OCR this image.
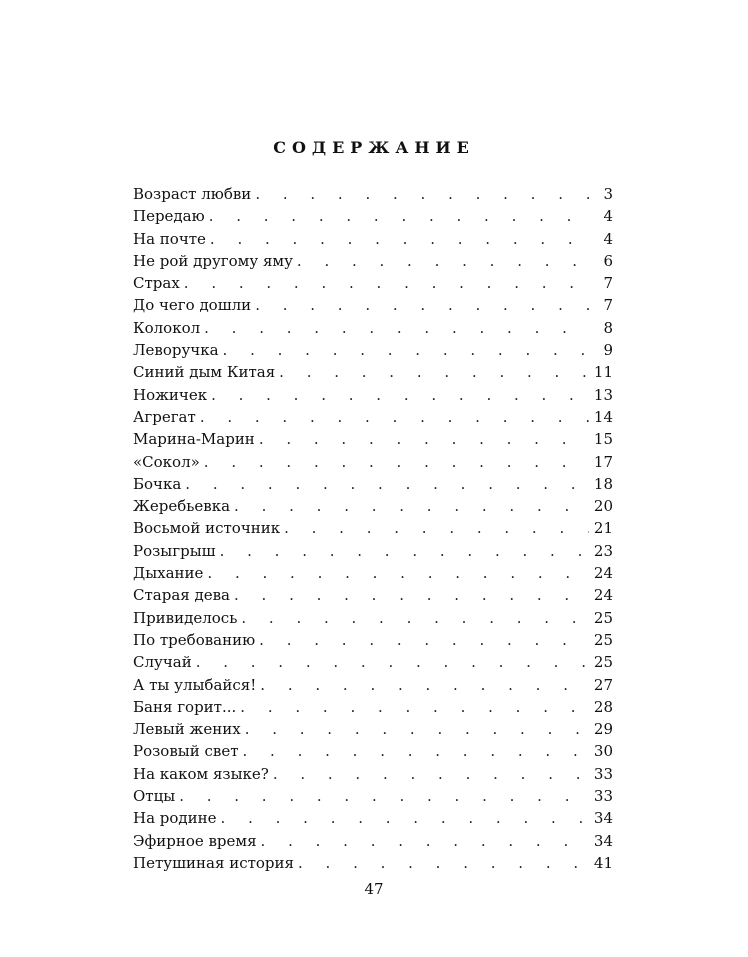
СОДЕРЖАНИЕ
Возраст любви . . .	3
Передаю . . .	4
На почте . . .	4
Не рой другому яму . . .	6
Страх . . .	7
До чего дошли . . .	7
Колокол . . .	8
Леворучка . . .	9
Синий дым Китая . . .	11
Ножичек . . .	13
Агрегат . . .	14
Марина-Марин . . .	15
«Сокол» . . .	17
Бочка . . .	18
Жеребьевка . . .	20
Восьмой источник . . .	21
Розыгрыш . . .	23
Дыхание . . .	24
Старая дева . . .	24
Привиделось . . .	25
По требованию . . .	25
Случай . . .	25
А ты улыбайся! . . .	27
Баня горит... . . .	28
Левый жених . . .	29
Розовый свет . . .	30
На каком языке? . . .	33
Отцы . . .	33
На родине . . .	34
Эфирное время . . .	34
Петушиная история . . .	41
47
